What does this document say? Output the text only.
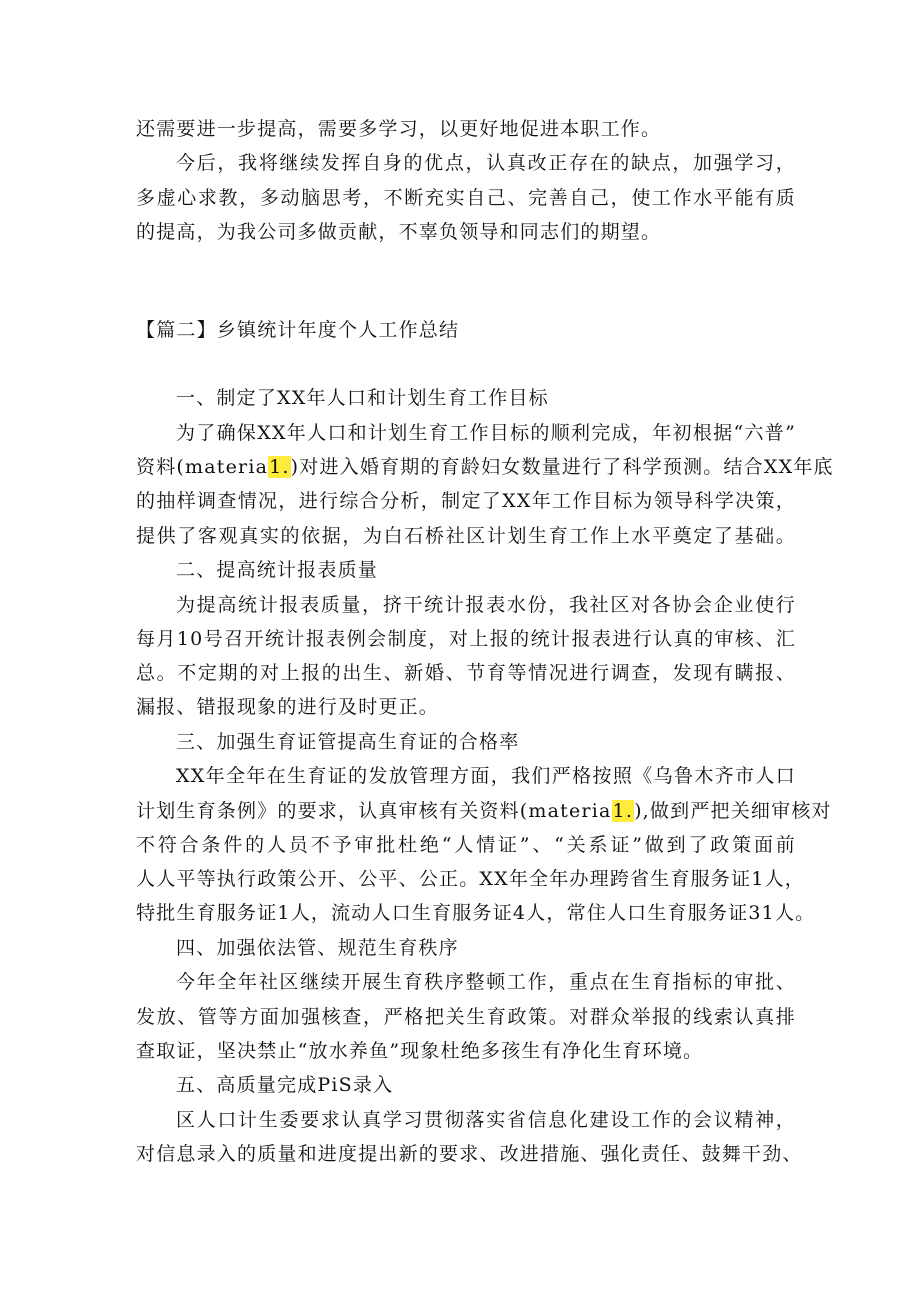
还需要进一步提高，需要多学习，以更好地促进本职工作。
今后，我将继续发挥自身的优点，认真改正存在的缺点，加强学习，
多虚心求教，多动脑思考，不断充实自己、完善自己，使工作水平能有质
的提高，为我公司多做贡献，不辜负领导和同志们的期望。
【篇二】乡镇统计年度个人工作总结
一、制定了XX年人口和计划生育工作目标
为了确保XX年人口和计划生育工作目标的顺利完成，年初根据“六普”
资料(materia1.)对进入婚育期的育龄妇女数量进行了科学预测。结合XX年底
的抽样调查情况，进行综合分析，制定了XX年工作目标为领导科学决策，
提供了客观真实的依据，为白石桥社区计划生育工作上水平奠定了基础。
二、提高统计报表质量
为提高统计报表质量，挤干统计报表水份，我社区对各协会企业使行
每月10号召开统计报表例会制度，对上报的统计报表进行认真的审核、汇
总。不定期的对上报的出生、新婚、节育等情况进行调查，发现有瞒报、
漏报、错报现象的进行及时更正。
三、加强生育证管提高生育证的合格率
XX年全年在生育证的发放管理方面，我们严格按照《乌鲁木齐市人口
计划生育条例》的要求，认真审核有关资料(materia1.),做到严把关细审核对
不符合条件的人员不予审批杜绝“人情证”、“关系证”做到了政策面前
人人平等执行政策公开、公平、公正。XX年全年办理跨省生育服务证1人，
特批生育服务证1人，流动人口生育服务证4人，常住人口生育服务证31人。
四、加强依法管、规范生育秩序
今年全年社区继续开展生育秩序整顿工作，重点在生育指标的审批、
发放、管等方面加强核查，严格把关生育政策。对群众举报的线索认真排
查取证，坚决禁止“放水养鱼”现象杜绝多孩生有净化生育环境。
五、高质量完成PiS录入
区人口计生委要求认真学习贯彻落实省信息化建设工作的会议精神，
对信息录入的质量和进度提出新的要求、改进措施、强化责任、鼓舞干劲、
